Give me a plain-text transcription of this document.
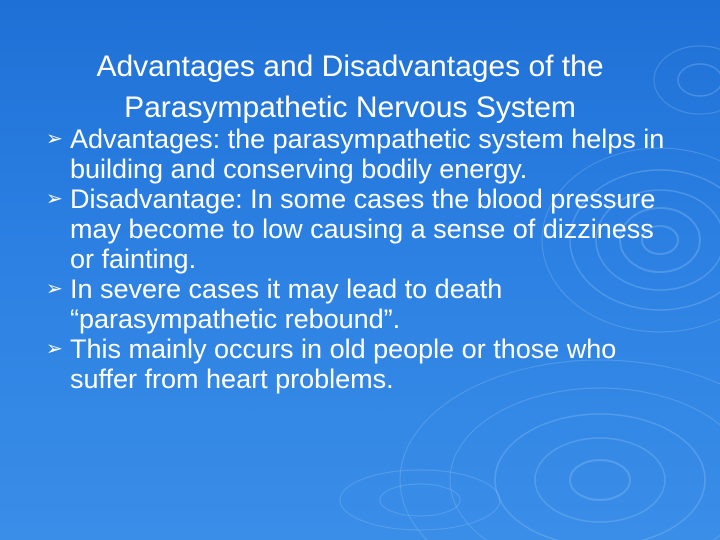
Advantages and Disadvantages of the
Parasympathetic Nervous System
➢ Advantages: the parasympathetic system helps in building and conserving bodily energy.
➢ Disadvantage: In some cases the blood pressure may become to low causing a sense of dizziness or fainting.
➢ In severe cases it may lead to death “parasympathetic rebound”.
➢ This mainly occurs in old people or those who suffer from heart problems.
